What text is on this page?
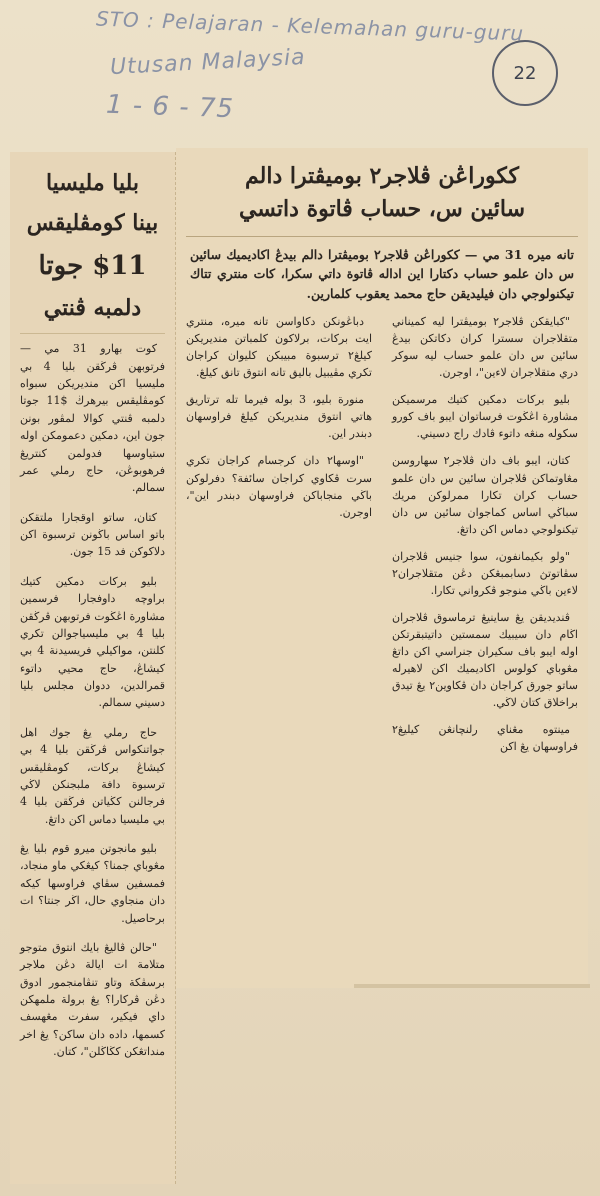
STO : Pelajaran - Kelemahan guru-guru
Utusan Malaysia
1 - 6 - 75
22
بليا مليسيا
بينا كومڤليقس
$11 جوتا
دلمبه ڤنتي

كوت بهارو 31 مي — فرتوبهن ڤرڬقن بليا 4 بي مليسيا اكن منديريكن سبواه كومڤليقس بيرهرڬ $11 جوتا دلمبه ڤنتي كوالا لمڤور بونن جون اين، دمكين دعمومكن اوله ستياوسها فدولمن كنتريڠ فرهوبوڠن، حاج رملي عمر سمالم.

كتان، ساتو اوقجارا ملتقكن باتو اساس باڬونن ترسبوة اكن دلاكوكن فد 15 جون.

بليو بركات دمكين كتيك براوچه داوفجارا فرسمين مشاورة اڠڬوت فرتوبهن ڤرڬقن بليا 4 بي مليسياجوالن تكري كلنتن، مواكيلي فريسيدنة 4 بي كيشاڠ، حاج محيي داتوء قمرالدين، ددوان مجلس بليا دسيني سمالم.

حاج رملي يڠ جوك اهل جواتنكواس ڤرڬقن بليا 4 بي كيشاڠ بركات، كومڤليقس ترسبوة دافة ملبجنكن لاڬي فرجالنن كڬياتن فرڬقن بليا 4 بي مليسيا دماس اكن داتڠ.

بليو مانجوتن ميرو قوم بليا يڠ مڠوباي جمنا؟ كيڠكي ماو منجاد، فمسفين سڤاي فراوسها كيكه دان منجاوي حال، اڬر جنتا؟ ات برحاصيل.

"حالن ڤاليڠ بايك انتوق متوجو متلامة ات ايالة دڠن ملاجر برسڤكة وتاو تنڤامنجمور ادوق دڠن ڤركارا؟ يڠ برولة ملمهكن داي فيكير، سفرت مڠهسف كسمها، داده دان ساكن؟ يڠ اخر منداتڠكن كڬاڬلن"، كتان.

ككوراڠن ڤلاجر٢ بوميڤترا دالم
سائين س، حساب ڤاتوة داتسي
تانه ميره 31 مي — ككوراڠن ڤلاجر٢ بوميڤترا دالم بيدڠ اكاديميك سائين س دان علمو حساب دكتارا اين اداله ڤاتوة داتي سكرا، كات منتري تتاك تيكنولوجي دان فيليديقن حاج محمد يعقوب كلمارين.

"كبايقكن ڤلاجر٢ بوميڤترا ليه كميناني متقلاجران سسترا كران دكاتكن بيدڠ سائين س دان علمو حساب ليه سوكر دري متقلاجران لاءين"، اوجرن.

بليو بركات دمكين كتيك مرسميكن مشاورة اڠڬوت فرساتوان ايبو باف كورو سكوله منڠه داتوء ڤادك راج دسيني.

كتان، ايبو باف دان ڤلاجر٢ سهاروسن مڠاوتماكن ڤلاجران سائين س دان علمو حساب كران تكارا ممرلوكن مريك سباڬي اساس كماجوان سائين س دان تيكنولوجي دماس اكن داتڠ.

"ولو بكيمانفون، سوا جنيس ڤلاجران سڤاتوتڽ دسابمبڠكن دڠن متقلاجران٢ لاءين باڬي منوجو ڤكرواني تكارا.

ڤنديديقن يڠ ساينيڠ ترماسوق ڤلاجران اڬام دان سيبيك سمستين داتيتبقرتكن اوله ايبو باف سكيران جنراسي اكن داتڠ مڠوباي كولوس اكاديميك اكن لاهيرله ساتو جورق كراجان دان ڤكاوين٢ يڠ تيدق براخلاق كتان لاڬي.

مينتوه مڠناي رلنچانڠن كيليڠ٢ فراوسهان يڠ اكن

دباڠونكن دكاواسن تانه ميره، منتري ايت بركات، برلاكون كلمباتن منديريكن كيلڠ٢ ترسبوة مبيبكن كليوان كراجان تكري مڤيبيل باليق تانه انتوق تانق كيلڠ.

منورة بليو، 3 بوله فيرما تله ترتاريق هاتي انتوق منديريكن كيلڠ فراوسهان دبندر اين.

"اوسها٢ دان كرجسام كراجان تكري سرت ڤكاوي كراجان سائفة؟ دفرلوكن باڬي منجاباكن فراوسهان دبندر اين"، اوجرن.
